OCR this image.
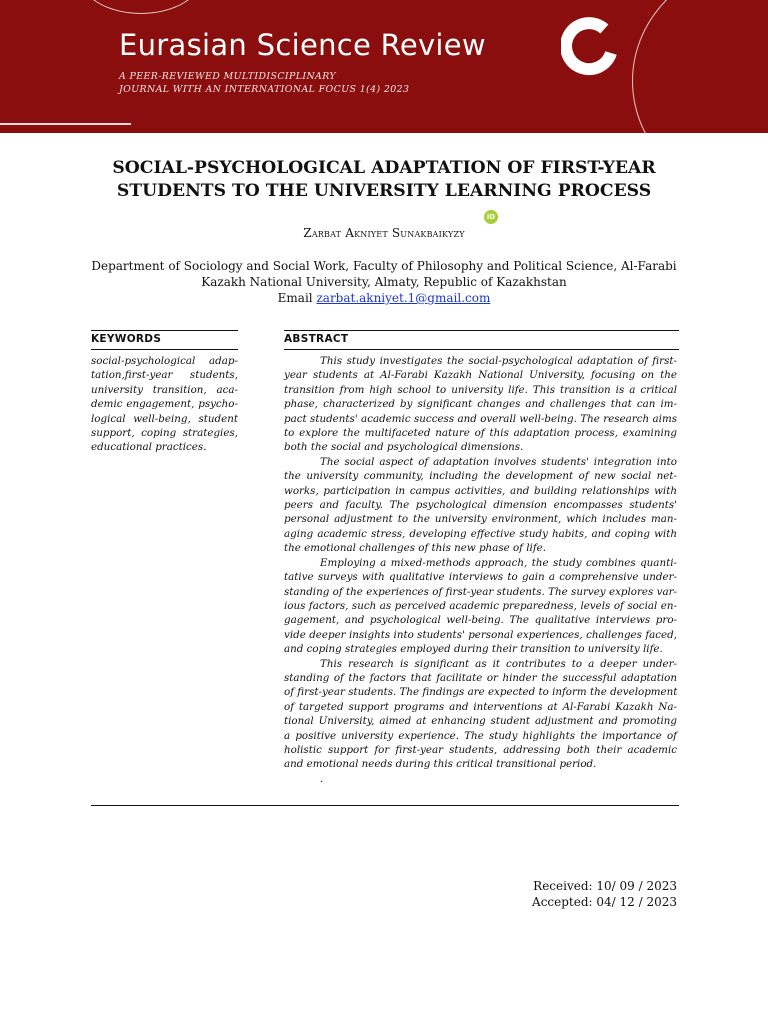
Eurasian Science Review
A PEER-REVIEWED MULTIDISCIPLINARY
JOURNAL WITH AN INTERNATIONAL FOCUS 1(4) 2023
SOCIAL-PSYCHOLOGICAL ADAPTATION OF FIRST-YEAR
STUDENTS TO THE UNIVERSITY LEARNING PROCESS
iD
Zarbat Akniyet Sunakbaikyzy
Department of Sociology and Social Work, Faculty of Philosophy and Political Science, Al-Farabi
Kazakh National University, Almaty, Republic of Kazakhstan
Email zarbat.akniyet.1@gmail.com
KEYWORDS	ABSTRACT
social-psychological adap-
tation,first-year students,
university transition, aca-
demic engagement, psycho-
logical well-being, student
support, coping strategies,
educational practices.
This study investigates the social-psychological adaptation of first-
year students at Al-Farabi Kazakh National University, focusing on the
transition from high school to university life. This transition is a critical
phase, characterized by significant changes and challenges that can im-
pact students' academic success and overall well-being. The research aims
to explore the multifaceted nature of this adaptation process, examining
both the social and psychological dimensions.
The social aspect of adaptation involves students' integration into
the university community, including the development of new social net-
works, participation in campus activities, and building relationships with
peers and faculty. The psychological dimension encompasses students'
personal adjustment to the university environment, which includes man-
aging academic stress, developing effective study habits, and coping with
the emotional challenges of this new phase of life.
Employing a mixed-methods approach, the study combines quanti-
tative surveys with qualitative interviews to gain a comprehensive under-
standing of the experiences of first-year students. The survey explores var-
ious factors, such as perceived academic preparedness, levels of social en-
gagement, and psychological well-being. The qualitative interviews pro-
vide deeper insights into students' personal experiences, challenges faced,
and coping strategies employed during their transition to university life.
This research is significant as it contributes to a deeper under-
standing of the factors that facilitate or hinder the successful adaptation
of first-year students. The findings are expected to inform the development
of targeted support programs and interventions at Al-Farabi Kazakh Na-
tional University, aimed at enhancing student adjustment and promoting
a positive university experience. The study highlights the importance of
holistic support for first-year students, addressing both their academic
and emotional needs during this critical transitional period.
.
Received: 10/ 09 / 2023
Accepted: 04/ 12 / 2023
